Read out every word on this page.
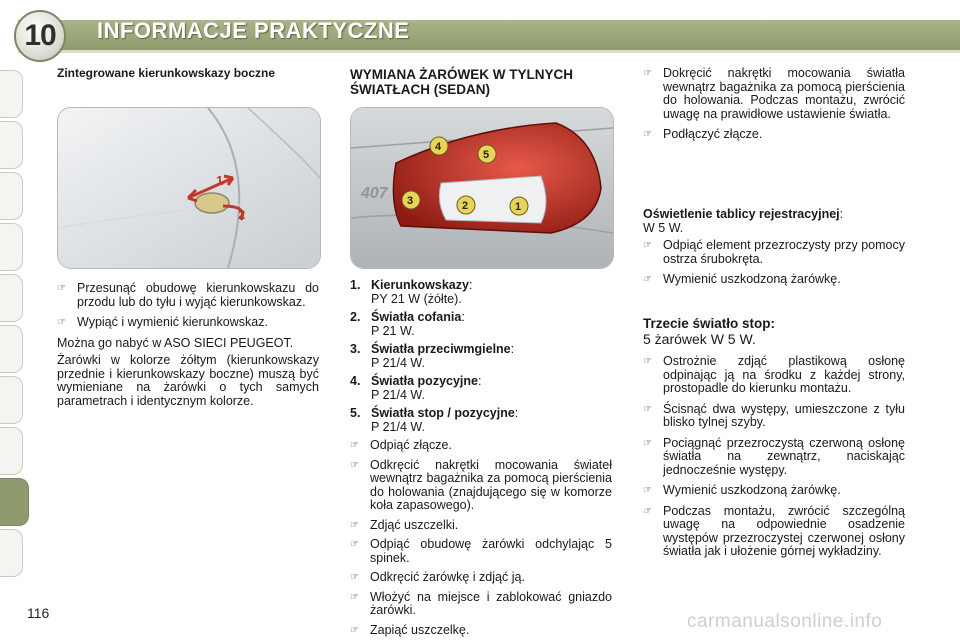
10 INFORMACJE PRAKTYCZNE

Zintegrowane kierunkowskazy boczne

1
2
☞ Przesunąć obudowę kierunkowskazu do przodu lub do tyłu i wyjąć kierunkowskaz.
☞ Wypiąć i wymienić kierunkowskaz.

Można go nabyć w ASO SIECI PEUGEOT.

Żarówki w kolorze żółtym (kierunkowskazy przednie i kierunkowskazy boczne) muszą być wymieniane na żarówki o tych samych parametrach i identycznym kolorze.

WYMIANA ŻARÓWEK W TYLNYCH ŚWIATŁACH (SEDAN)

407
4
5
3	2	1
1. Kierunkowskazy:
PY 21 W (żółte).
2. Światła cofania:
P 21 W.
3. Światła przeciwmgielne:
P 21/4 W.
4. Światła pozycyjne:
P 21/4 W.
5. Światła stop / pozycyjne:
P 21/4 W.
☞ Odpiąć złącze.
☞ Odkręcić nakrętki mocowania świateł wewnątrz bagażnika za pomocą pierścienia do holowania (znajdującego się w komorze koła zapasowego).
☞ Zdjąć uszczelki.
☞ Odpiąć obudowę żarówki odchylając 5 spinek.
☞ Odkręcić żarówkę i zdjąć ją.
☞ Włożyć na miejsce i zablokować gniazdo żarówki.
☞ Zapiąć uszczelkę.
☞ Dokręcić nakrętki mocowania światła wewnątrz bagażnika za pomocą pierścienia do holowania. Podczas montażu, zwrócić uwagę na prawidłowe ustawienie światła.
☞ Podłączyć złącze.

Oświetlenie tablicy rejestracyjnej:

W 5 W.

☞ Odpiąć element przezroczysty przy pomocy ostrza śrubokręta.
☞ Wymienić uszkodzoną żarówkę.

Trzecie światło stop:

5 żarówek W 5 W.

☞ Ostrożnie zdjąć plastikową osłonę odpinając ją na środku z każdej strony, prostopadle do kierunku montażu.
☞ Ścisnąć dwa występy, umieszczone z tyłu blisko tylnej szyby.
☞ Pociągnąć przezroczystą czerwoną osłonę światła na zewnątrz, naciskając jednocześnie występy.
☞ Wymienić uszkodzoną żarówkę.
☞ Podczas montażu, zwrócić szczególną uwagę na odpowiednie osadzenie występów przezroczystej czerwonej osłony światła jak i ułożenie górnej wykładziny.
116	carmanualsonline.info
